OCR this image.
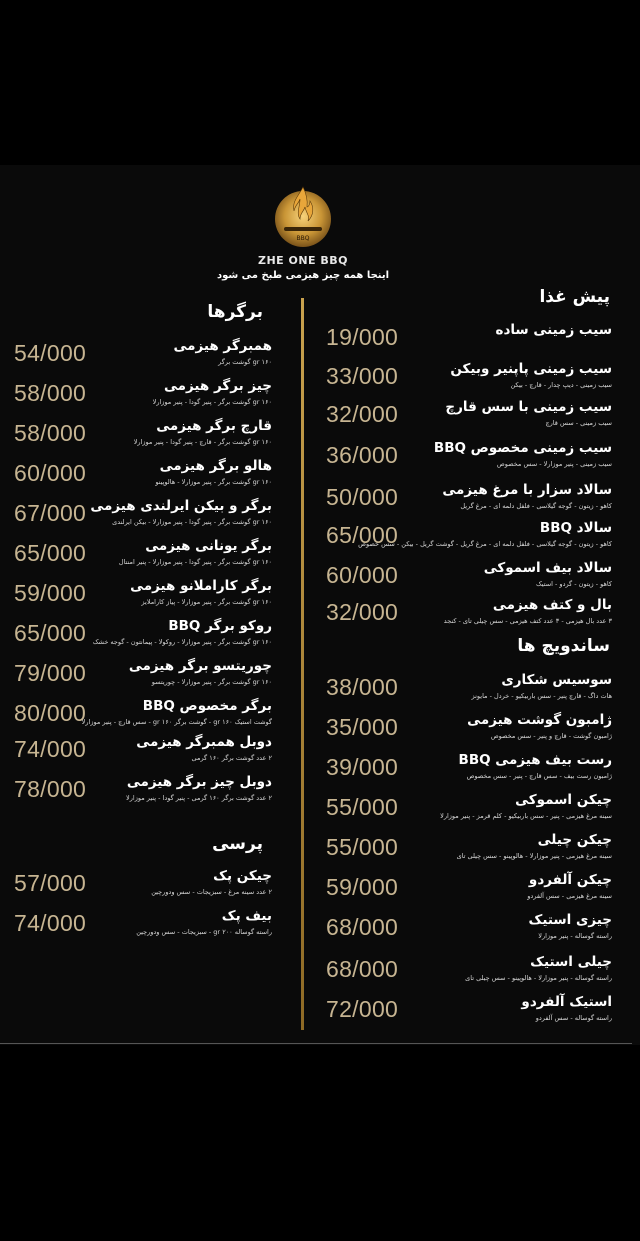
BBQ
ZHE ONE BBQ
اینجا همه چیز هیزمی طبخ می شود
پیش غذا
19/000	سیب زمینی ساده
33/000	سیب زمینی پاپنیر وبیکن
سیب زمینی - دیپ چدار - قارچ - بیکن
32/000	سیب زمینی با سس قارچ
سیب زمینی - سس قارچ
36/000	سیب زمینی مخصوص BBQ
سیب زمینی - پنیر موزارلا - سس مخصوص
50/000	سالاد سزار با مرغ هیزمی
کاهو - زیتون - گوجه گیلاسی - فلفل دلمه ای - مرغ گریل
65/000	سالاد BBQ
کاهو - زیتون - گوجه گیلاسی - فلفل دلمه ای - مرغ گریل - گوشت گریل - بیکن - سس خصوص
60/000	سالاد بیف اسموکی
کاهو - زیتون - گردو - استیک
32/000	بال و کتف هیزمی
۳ عدد بال هیزمی - ۳ عدد کتف هیزمی - سس چیلی تای - کنجد
ساندویچ ها
38/000	سوسیس شکاری
هات داگ - قارچ پنیر - سس باربیکیو - خردل - مایونز
35/000	ژامبون گوشت هیزمی
ژامبون گوشت - قارچ و پنیر - سس مخصوص
39/000	رست بیف هیزمی BBQ
ژامبون رست بیف - سس قارچ - پنیر - سس مخصوص
55/000	چیکن اسموکی
سینه مرغ هیزمی - پنیر - سس باربیکیو - کلم قرمز - پنیر موزارلا
55/000	چیکن چیلی
سینه مرغ هیزمی - پنیر موزارلا - هالوپینو - سس چیلی تای
59/000	چیکن آلفردو
سینه مرغ هیزمی - سس آلفردو
68/000	چیزی استیک
راسته گوساله - پنیر موزارلا
68/000	چیلی استیک
راسته گوساله - پنیر موزارلا - هالوپینو - سس چیلی تای
72/000	استیک آلفردو
راسته گوساله - سس آلفردو
برگرها
54/000	همبرگر هیزمی
۱۶۰ gr گوشت برگر
58/000	چیز برگر هیزمی
۱۶۰ gr گوشت برگر - پنیر گودا - پنیر موزارلا
58/000	قارچ برگر هیزمی
۱۶۰ gr گوشت برگر - قارچ - پنیر گودا - پنیر موزارلا
60/000	هالو برگر هیزمی
۱۶۰ gr گوشت برگر - پنیر موزارلا - هالوپینو
67/000 برگر و بیکن ایرلندی هیزمی
۱۶۰ gr گوشت برگر - پنیر گودا - پنیر موزارلا - بیکن ایرلندی
65/000	برگر یونانی هیزمی
۱۶۰ gr گوشت برگر - پنیر گودا - پنیر موزارلا - پنیر امنتال
59/000	برگر کاراملانو هیزمی
۱۶۰ gr گوشت برگر - پنیر موزارلا - پیاز کاراملایز
65/000	روکو برگر BBQ
۱۶۰ gr گوشت برگر - پنیر موزارلا - روکولا - پیمانتون - گوجه خشک
79/000	چوریتسو برگر هیزمی
۱۶۰ gr گوشت برگر - پنیر موزارلا - چوریتسو
80/000	برگر مخصوص BBQ
گوشت استیک ۱۶۰ gr - گوشت برگر ۱۶۰ gr - سس قارچ - پنیر موزارلا
74/000	دوبل همبرگر هیزمی
۲ عدد گوشت برگر ۱۶۰ گرمی
78/000	دوبل چیز برگر هیزمی
۲ عدد گوشت برگر ۱۶۰ گرمی - پنیر گودا - پنیر موزارلا
پرسی
57/000	چیکن پک
۲ عدد سینه مرغ - سبزیجات - سس ودورچین
74/000	بیف پک
راسته گوساله ۲۰۰ gr - سبزیجات - سس ودورچین
